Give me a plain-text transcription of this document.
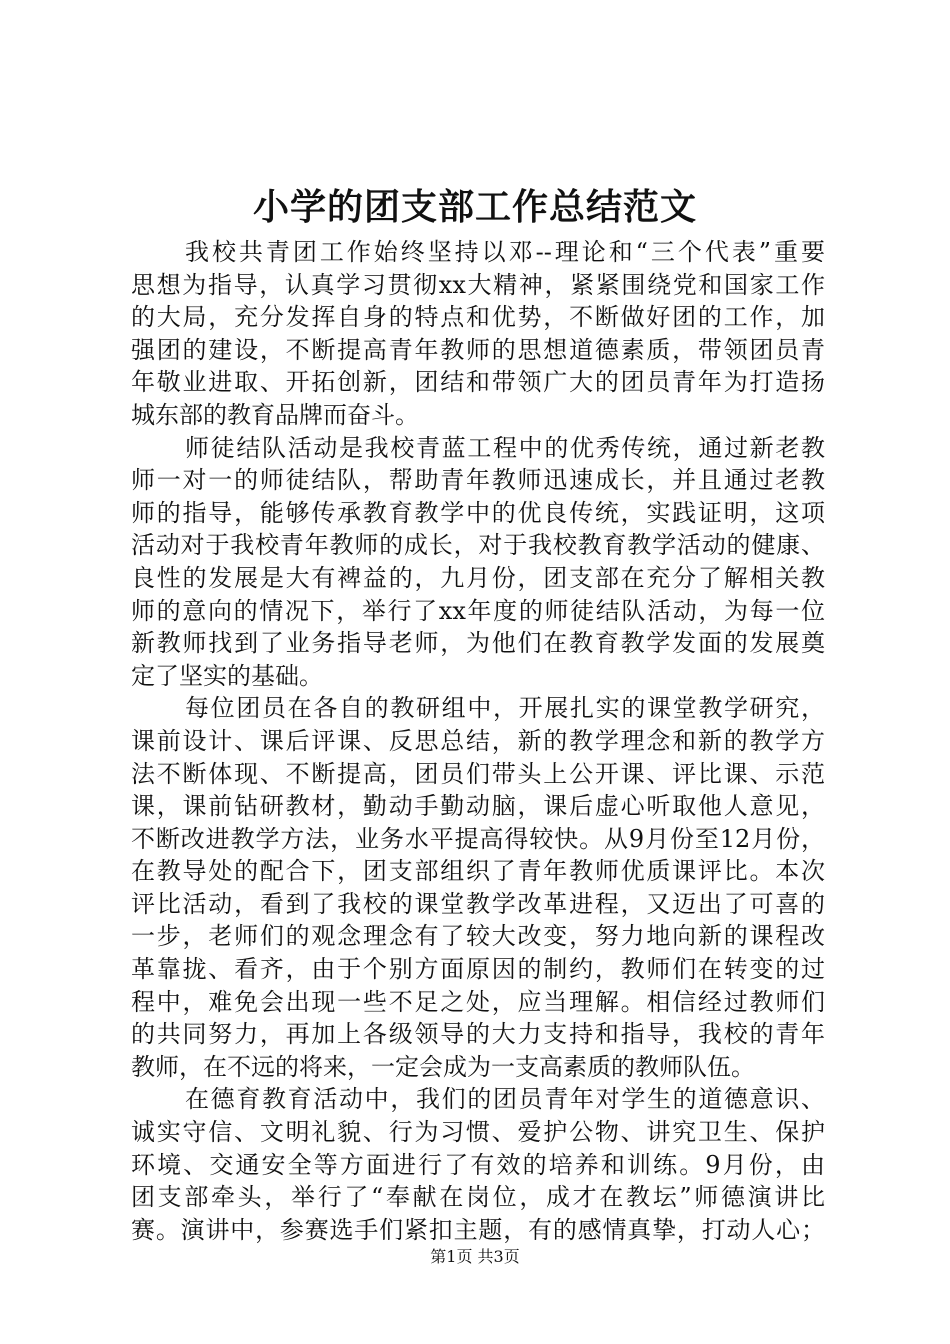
小学的团支部工作总结范文
我校共青团工作始终坚持以邓--理论和“三个代表”重要
思想为指导，认真学习贯彻xx大精神，紧紧围绕党和国家工作
的大局，充分发挥自身的特点和优势，不断做好团的工作，加
强团的建设，不断提高青年教师的思想道德素质，带领团员青
年敬业进取、开拓创新，团结和带领广大的团员青年为打造扬
城东部的教育品牌而奋斗。
师徒结队活动是我校青蓝工程中的优秀传统，通过新老教
师一对一的师徒结队，帮助青年教师迅速成长，并且通过老教
师的指导，能够传承教育教学中的优良传统，实践证明，这项
活动对于我校青年教师的成长，对于我校教育教学活动的健康、
良性的发展是大有裨益的，九月份，团支部在充分了解相关教
师的意向的情况下，举行了xx年度的师徒结队活动，为每一位
新教师找到了业务指导老师，为他们在教育教学发面的发展奠
定了坚实的基础。
每位团员在各自的教研组中，开展扎实的课堂教学研究，
课前设计、课后评课、反思总结，新的教学理念和新的教学方
法不断体现、不断提高，团员们带头上公开课、评比课、示范
课，课前钻研教材，勤动手勤动脑，课后虚心听取他人意见，
不断改进教学方法，业务水平提高得较快。从9月份至12月份，
在教导处的配合下，团支部组织了青年教师优质课评比。本次
评比活动，看到了我校的课堂教学改革进程，又迈出了可喜的
一步，老师们的观念理念有了较大改变，努力地向新的课程改
革靠拢、看齐，由于个别方面原因的制约，教师们在转变的过
程中，难免会出现一些不足之处，应当理解。相信经过教师们
的共同努力，再加上各级领导的大力支持和指导，我校的青年
教师，在不远的将来，一定会成为一支高素质的教师队伍。
在德育教育活动中，我们的团员青年对学生的道德意识、
诚实守信、文明礼貌、行为习惯、爱护公物、讲究卫生、保护
环境、交通安全等方面进行了有效的培养和训练。9月份，由
团支部牵头，举行了“奉献在岗位，成才在教坛”师德演讲比
赛。演讲中，参赛选手们紧扣主题，有的感情真挚，打动人心；
第1页 共3页
